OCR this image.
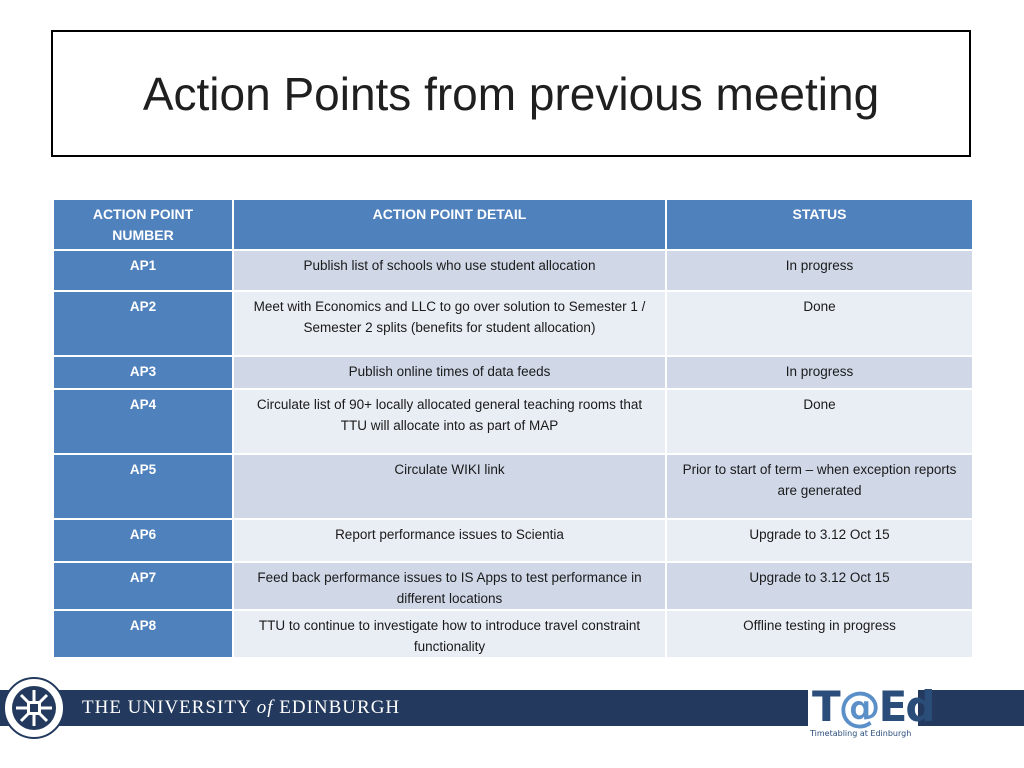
Action Points from previous meeting
ACTION POINT NUMBER	ACTION POINT DETAIL	STATUS
AP1	Publish list of schools who use student allocation	In progress
AP2	Meet with Economics and LLC to go over solution to Semester 1 / Semester 2 splits (benefits for student allocation)	Done
AP3	Publish online times of data feeds	In progress
AP4	Circulate list of 90+ locally allocated general teaching rooms that TTU will allocate into as part of MAP	Done
AP5	Circulate WIKI link	Prior to start of term – when exception reports are generated
AP6	Report performance issues to Scientia	Upgrade to 3.12 Oct 15
AP7	Feed back performance issues to IS Apps to test performance in different locations	Upgrade to 3.12 Oct 15
AP8	TTU to continue to investigate how to introduce travel constraint functionality	Offline testing in progress
THE UNIVERSITY of EDINBURGH	T@Ed
Timetabling at Edinburgh
